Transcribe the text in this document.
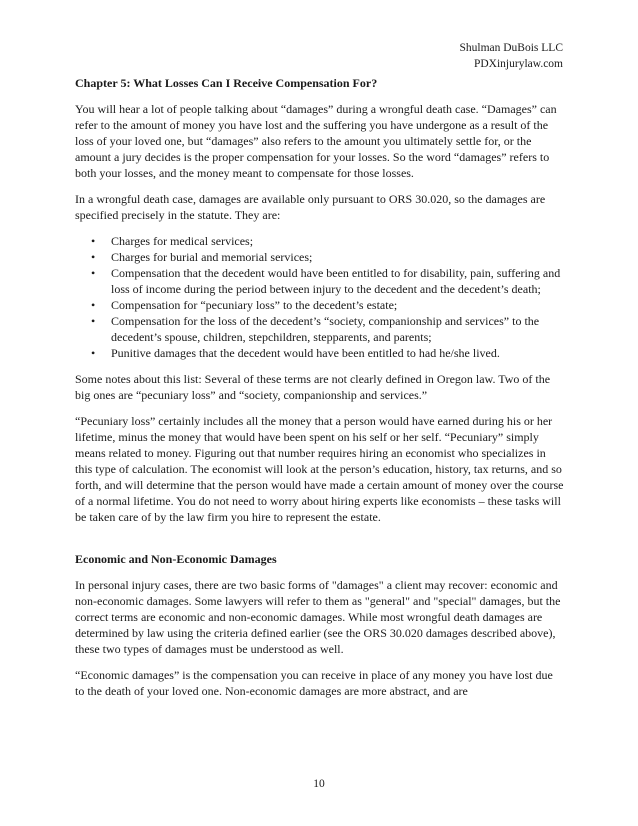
Shulman DuBois LLC
PDXinjurylaw.com
Chapter 5: What Losses Can I Receive Compensation For?

You will hear a lot of people talking about “damages” during a wrongful death case. “Damages” can refer to the amount of money you have lost and the suffering you have undergone as a result of the loss of your loved one, but “damages” also refers to the amount you ultimately settle for, or the amount a jury decides is the proper compensation for your losses. So the word “damages” refers to both your losses, and the money meant to compensate for those losses.

In a wrongful death case, damages are available only pursuant to ORS 30.020, so the damages are specified precisely in the statute. They are:

• Charges for medical services;
• Charges for burial and memorial services;
• Compensation that the decedent would have been entitled to for disability, pain, suffering and loss of income during the period between injury to the decedent and the decedent’s death;
• Compensation for “pecuniary loss” to the decedent’s estate;
• Compensation for the loss of the decedent’s “society, companionship and services” to the decedent’s spouse, children, stepchildren, stepparents, and parents;
• Punitive damages that the decedent would have been entitled to had he/she lived.

Some notes about this list: Several of these terms are not clearly defined in Oregon law. Two of the big ones are “pecuniary loss” and “society, companionship and services.”

“Pecuniary loss” certainly includes all the money that a person would have earned during his or her lifetime, minus the money that would have been spent on his self or her self. “Pecuniary” simply means related to money. Figuring out that number requires hiring an economist who specializes in this type of calculation. The economist will look at the person’s education, history, tax returns, and so forth, and will determine that the person would have made a certain amount of money over the course of a normal lifetime. You do not need to worry about hiring experts like economists – these tasks will be taken care of by the law firm you hire to represent the estate.

Economic and Non-Economic Damages

In personal injury cases, there are two basic forms of "damages" a client may recover: economic and non-economic damages. Some lawyers will refer to them as "general" and "special" damages, but the correct terms are economic and non-economic damages. While most wrongful death damages are determined by law using the criteria defined earlier (see the ORS 30.020 damages described above), these two types of damages must be understood as well.

“Economic damages” is the compensation you can receive in place of any money you have lost due to the death of your loved one. Non-economic damages are more abstract, and are

10
